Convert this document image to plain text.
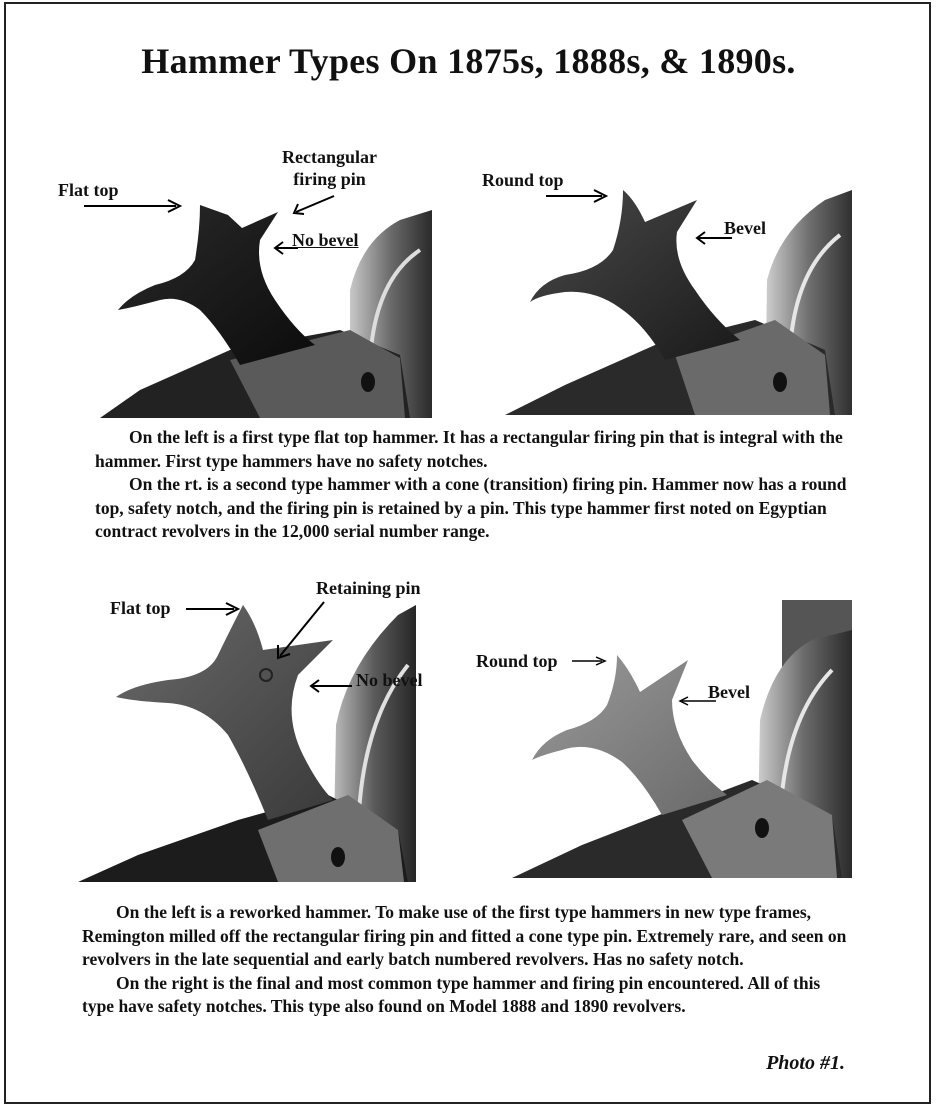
Hammer Types On 1875s, 1888s, & 1890s.
Flat top
Rectangular
firing pin
No bevel
Round top
Bevel

On the left is a first type flat top hammer. It has a rectangular firing pin that is integral with the hammer. First type hammers have no safety notches.

On the rt. is a second type hammer with a cone (transition) firing pin. Hammer now has a round top, safety notch, and the firing pin is retained by a pin. This type hammer first noted on Egyptian contract revolvers in the 12,000 serial number range.

Flat top
Retaining pin
No bevel
Round top
Bevel

On the left is a reworked hammer. To make use of the first type hammers in new type frames, Remington milled off the rectangular firing pin and fitted a cone type pin. Extremely rare, and seen on revolvers in the late sequential and early batch numbered revolvers. Has no safety notch.

On the right is the final and most common type hammer and firing pin encountered. All of this type have safety notches. This type also found on Model 1888 and 1890 revolvers.

Photo #1.
